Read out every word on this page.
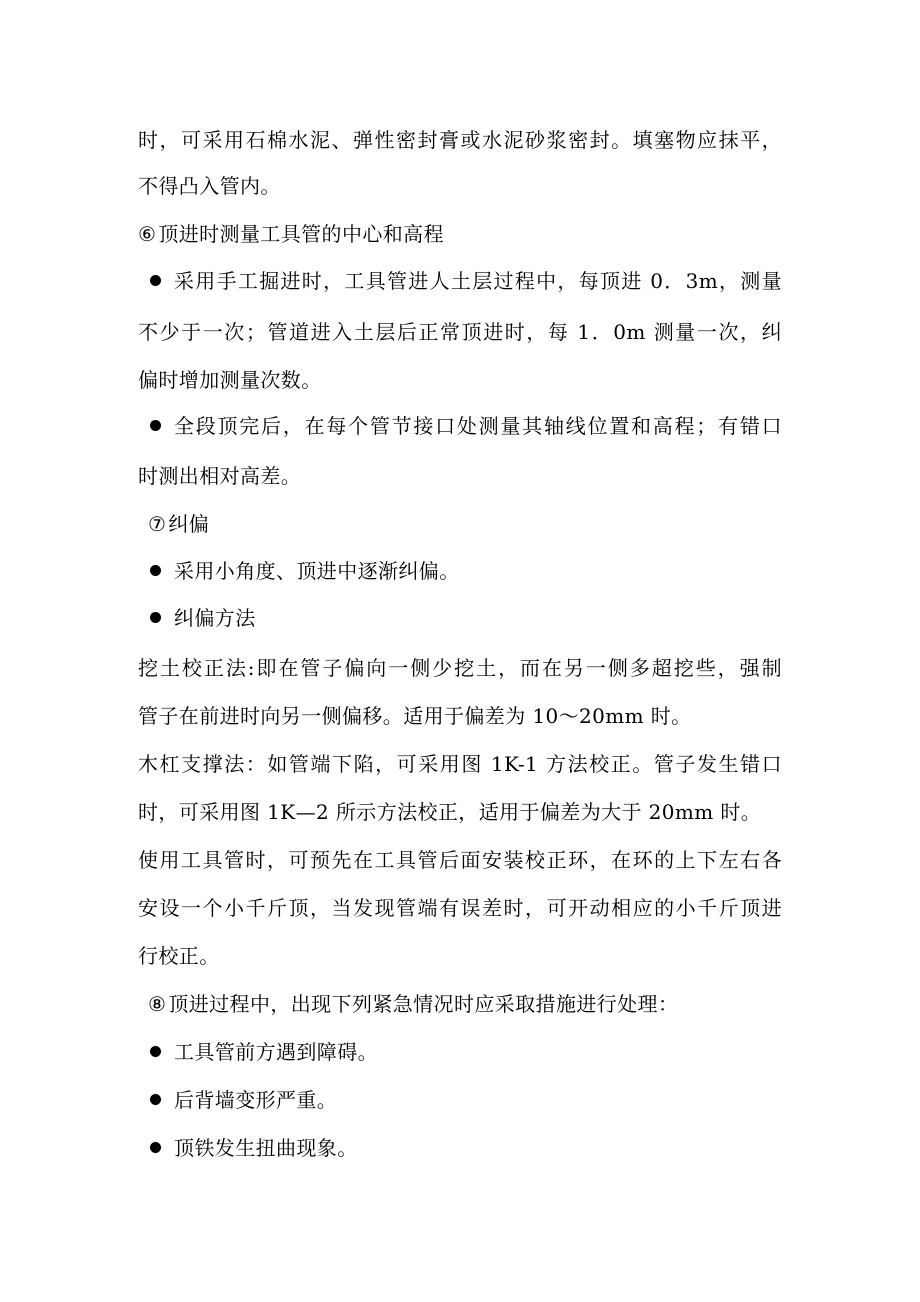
时，可采用石棉水泥、弹性密封膏或水泥砂浆密封。填塞物应抹平，
不得凸入管内。
⑥ 顶进时测量工具管的中心和高程
采用手工掘进时，工具管进人土层过程中，每顶进 0．3m，测量
不少于一次；管道进入土层后正常顶进时，每 1．0m 测量一次，纠
偏时增加测量次数。
全段顶完后，在每个管节接口处测量其轴线位置和高程；有错口
时测出相对高差。
⑦ 纠偏
采用小角度、顶进中逐渐纠偏。
纠偏方法
挖土校正法:即在管子偏向一侧少挖土，而在另一侧多超挖些，强制
管子在前进时向另一侧偏移。适用于偏差为 10～20mm 时。
木杠支撑法：如管端下陷，可采用图 1K-1 方法校正。管子发生错口
时，可采用图 1K—2 所示方法校正，适用于偏差为大于 20mm 时。
使用工具管时，可预先在工具管后面安装校正环，在环的上下左右各
安设一个小千斤顶，当发现管端有误差时，可开动相应的小千斤顶进
行校正。
⑧ 顶进过程中，出现下列紧急情况时应采取措施进行处理：
工具管前方遇到障碍。
后背墙变形严重。
顶铁发生扭曲现象。
